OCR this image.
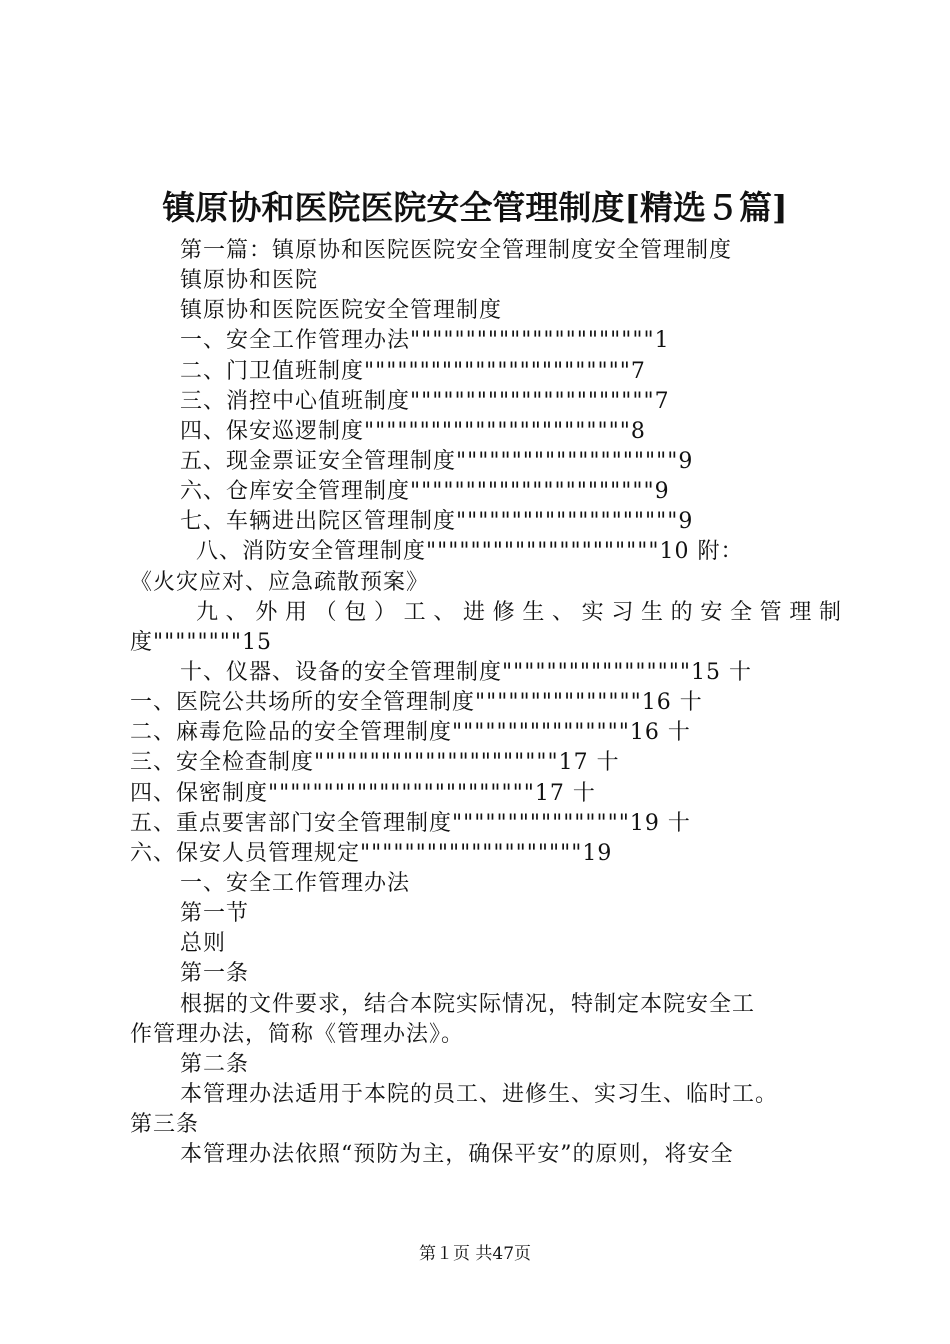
镇原协和医院医院安全管理制度[精选５篇]
第一篇：镇原协和医院医院安全管理制度安全管理制度
镇原协和医院
镇原协和医院医院安全管理制度
一、安全工作管理办法""""""""""""""""""""""1
二、门卫值班制度""""""""""""""""""""""""7
三、消控中心值班制度""""""""""""""""""""""7
四、保安巡逻制度""""""""""""""""""""""""8
五、现金票证安全管理制度""""""""""""""""""""9
六、仓库安全管理制度""""""""""""""""""""""9
七、车辆进出院区管理制度""""""""""""""""""""9
八、消防安全管理制度"""""""""""""""""""""10 附：
《火灾应对、应急疏散预案》
九、外用（包）工、进修生、实习生的安全管理制
度""""""""15
十、仪器、设备的安全管理制度"""""""""""""""""15 十
一、医院公共场所的安全管理制度"""""""""""""""16 十
二、麻毒危险品的安全管理制度""""""""""""""""16 十
三、安全检查制度""""""""""""""""""""""17 十
四、保密制度""""""""""""""""""""""""17 十
五、重点要害部门安全管理制度""""""""""""""""19 十
六、保安人员管理规定""""""""""""""""""""19
一、安全工作管理办法
第一节
总则
第一条
根据的文件要求，结合本院实际情况，特制定本院安全工
作管理办法，简称《管理办法》。
第二条
本管理办法适用于本院的员工、进修生、实习生、临时工。
第三条
本管理办法依照“预防为主，确保平安”的原则，将安全
第１页 共47页
